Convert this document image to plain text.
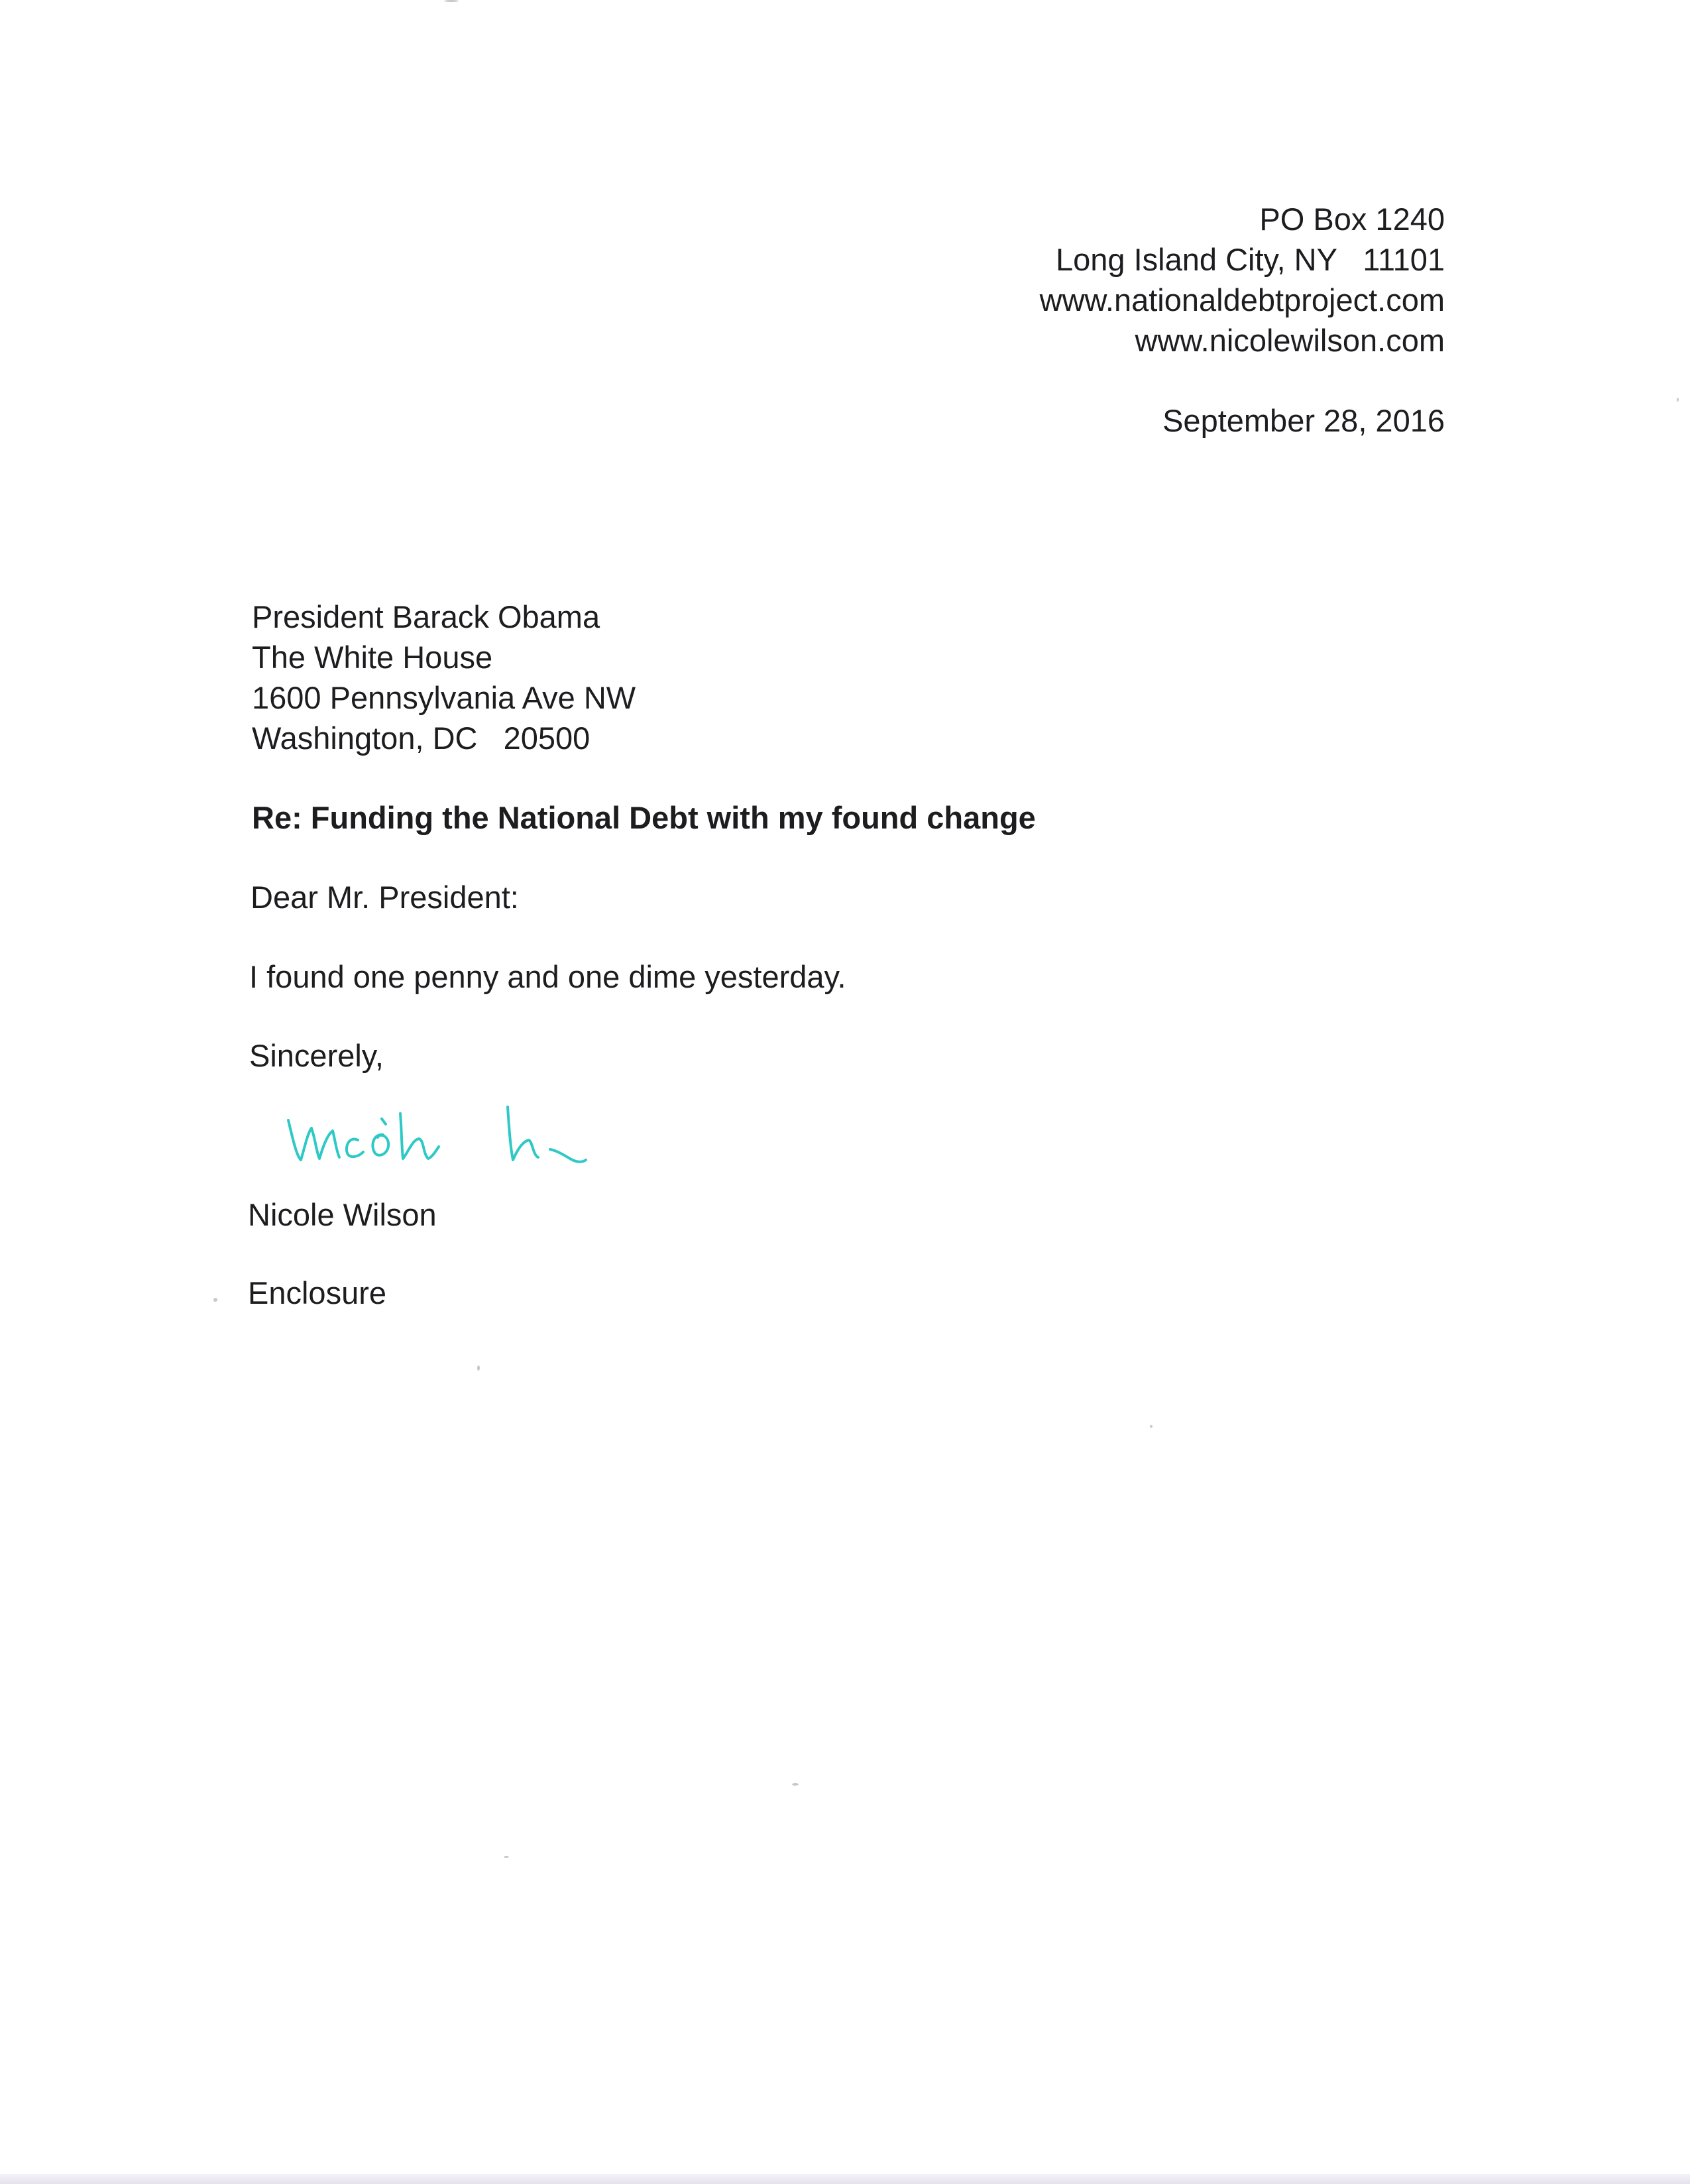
PO Box 1240
Long Island City, NY   11101
www.nationaldebtproject.com
www.nicolewilson.com
September 28, 2016
President Barack Obama
The White House
1600 Pennsylvania Ave NW
Washington, DC   20500
Re: Funding the National Debt with my found change
Dear Mr. President:
I found one penny and one dime yesterday.
Sincerely,
Nicole Wilson
Enclosure
